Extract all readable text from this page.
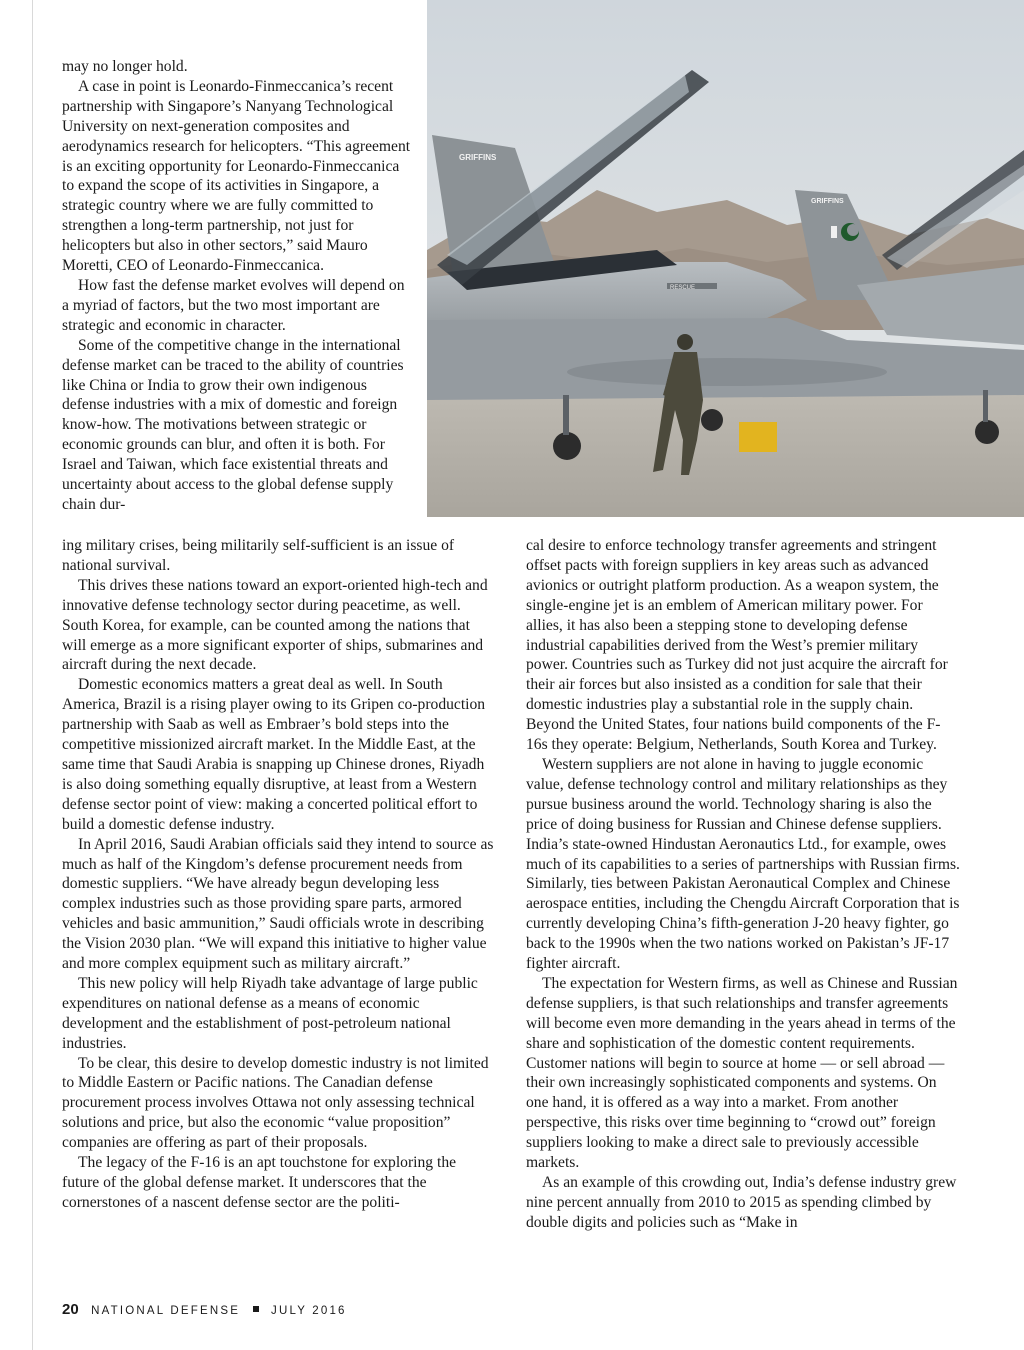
GRIFFINS
GRIFFINS
RESCUE

may no longer hold.

A case in point is Leonardo-Finmeccanica’s recent partnership with Singapore’s Nanyang Technological University on next-generation composites and aerodynamics research for helicopters. “This agreement is an exciting opportunity for Leonardo-Finmeccanica to expand the scope of its activities in Singapore, a strategic country where we are fully committed to strengthen a long-term partnership, not just for helicopters but also in other sectors,” said Mauro Moretti, CEO of Leonardo-Finmeccanica.

How fast the defense market evolves will depend on a myriad of factors, but the two most important are strategic and economic in character.

Some of the competitive change in the international defense market can be traced to the ability of countries like China or India to grow their own indigenous defense industries with a mix of domestic and foreign know-how. The motivations between strategic or economic grounds can blur, and often it is both. For Israel and Taiwan, which face existential threats and uncertainty about access to the global defense supply chain dur-

ing military crises, being militarily self-sufficient is an issue of national survival.

This drives these nations toward an export-oriented high-tech and innovative defense technology sector during peacetime, as well. South Korea, for example, can be counted among the nations that will emerge as a more significant exporter of ships, submarines and aircraft during the next decade.

Domestic economics matters a great deal as well. In South America, Brazil is a rising player owing to its Gripen co-production partnership with Saab as well as Embraer’s bold steps into the competitive missionized aircraft market. In the Middle East, at the same time that Saudi Arabia is snapping up Chinese drones, Riyadh is also doing something equally disruptive, at least from a Western defense sector point of view: making a concerted political effort to build a domestic defense industry.

In April 2016, Saudi Arabian officials said they intend to source as much as half of the Kingdom’s defense procurement needs from domestic suppliers. “We have already begun developing less complex industries such as those providing spare parts, armored vehicles and basic ammunition,” Saudi officials wrote in describing the Vision 2030 plan. “We will expand this initiative to higher value and more complex equipment such as military aircraft.”

This new policy will help Riyadh take advantage of large public expenditures on national defense as a means of economic development and the establishment of post-petroleum national industries.

To be clear, this desire to develop domestic industry is not limited to Middle Eastern or Pacific nations. The Canadian defense procurement process involves Ottawa not only assessing technical solutions and price, but also the economic “value proposition” companies are offering as part of their proposals.

The legacy of the F-16 is an apt touchstone for exploring the future of the global defense market. It underscores that the cornerstones of a nascent defense sector are the politi-

cal desire to enforce technology transfer agreements and stringent offset pacts with foreign suppliers in key areas such as advanced avionics or outright platform production. As a weapon system, the single-engine jet is an emblem of American military power. For allies, it has also been a stepping stone to developing defense industrial capabilities derived from the West’s premier military power. Countries such as Turkey did not just acquire the aircraft for their air forces but also insisted as a condition for sale that their domestic industries play a substantial role in the supply chain. Beyond the United States, four nations build components of the F-16s they operate: Belgium, Netherlands, South Korea and Turkey.

Western suppliers are not alone in having to juggle economic value, defense technology control and military relationships as they pursue business around the world. Technology sharing is also the price of doing business for Russian and Chinese defense suppliers. India’s state-owned Hindustan Aeronautics Ltd., for example, owes much of its capabilities to a series of partnerships with Russian firms. Similarly, ties between Pakistan Aeronautical Complex and Chinese aerospace entities, including the Chengdu Aircraft Corporation that is currently developing China’s fifth-generation J-20 heavy fighter, go back to the 1990s when the two nations worked on Pakistan’s JF-17 fighter aircraft.

The expectation for Western firms, as well as Chinese and Russian defense suppliers, is that such relationships and transfer agreements will become even more demanding in the years ahead in terms of the share and sophistication of the domestic content requirements. Customer nations will begin to source at home — or sell abroad — their own increasingly sophisticated components and systems. On one hand, it is offered as a way into a market. From another perspective, this risks over time beginning to “crowd out” foreign suppliers looking to make a direct sale to previously accessible markets.

As an example of this crowding out, India’s defense industry grew nine percent annually from 2010 to 2015 as spending climbed by double digits and policies such as “Make in

20 NATIONAL DEFENSE	JULY 2016
